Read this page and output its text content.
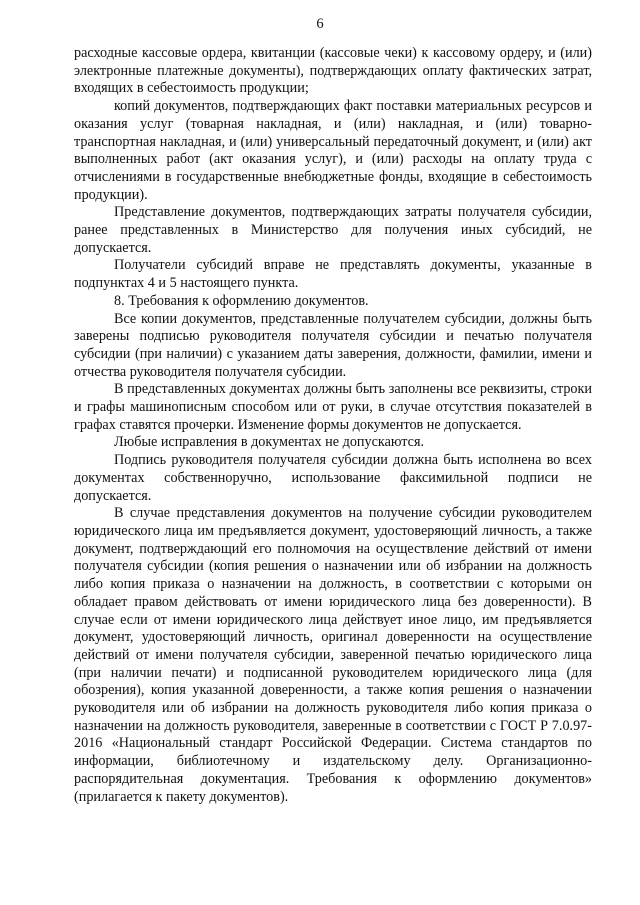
6

расходные кассовые ордера, квитанции (кассовые чеки) к кассовому ордеру, и (или) электронные платежные документы), подтверждающих оплату фактических затрат, входящих в себестоимость продукции;

копий документов, подтверждающих факт поставки материальных ресурсов и оказания услуг (товарная накладная, и (или) накладная, и (или) товарно-транспортная накладная, и (или) универсальный передаточный документ, и (или) акт выполненных работ (акт оказания услуг), и (или) расходы на оплату труда с отчислениями в государственные внебюджетные фонды, входящие в себестоимость продукции).

Представление документов, подтверждающих затраты получателя субсидии, ранее представленных в Министерство для получения иных субсидий, не допускается.

Получатели субсидий вправе не представлять документы, указанные в подпунктах 4 и 5 настоящего пункта.

8. Требования к оформлению документов.

Все копии документов, представленные получателем субсидии, должны быть заверены подписью руководителя получателя субсидии и печатью получателя субсидии (при наличии) с указанием даты заверения, должности, фамилии, имени и отчества руководителя получателя субсидии.

В представленных документах должны быть заполнены все реквизиты, строки и графы машинописным способом или от руки, в случае отсутствия показателей в графах ставятся прочерки. Изменение формы документов не допускается.

Любые исправления в документах не допускаются.

Подпись руководителя получателя субсидии должна быть исполнена во всех документах собственноручно, использование факсимильной подписи не допускается.

В случае представления документов на получение субсидии руководителем юридического лица им предъявляется документ, удостоверяющий личность, а также документ, подтверждающий его полномочия на осуществление действий от имени получателя субсидии (копия решения о назначении или об избрании на должность либо копия приказа о назначении на должность, в соответствии с которыми он обладает правом действовать от имени юридического лица без доверенности). В случае если от имени юридического лица действует иное лицо, им предъявляется документ, удостоверяющий личность, оригинал доверенности на осуществление действий от имени получателя субсидии, заверенной печатью юридического лица (при наличии печати) и подписанной руководителем юридического лица (для обозрения), копия указанной доверенности, а также копия решения о назначении руководителя или об избрании на должность руководителя либо копия приказа о назначении на должность руководителя, заверенные в соответствии с ГОСТ Р 7.0.97-2016 «Национальный стандарт Российской Федерации. Система стандартов по информации, библиотечному и издательскому делу. Организационно-распорядительная документация. Требования к оформлению документов» (прилагается к пакету документов).
